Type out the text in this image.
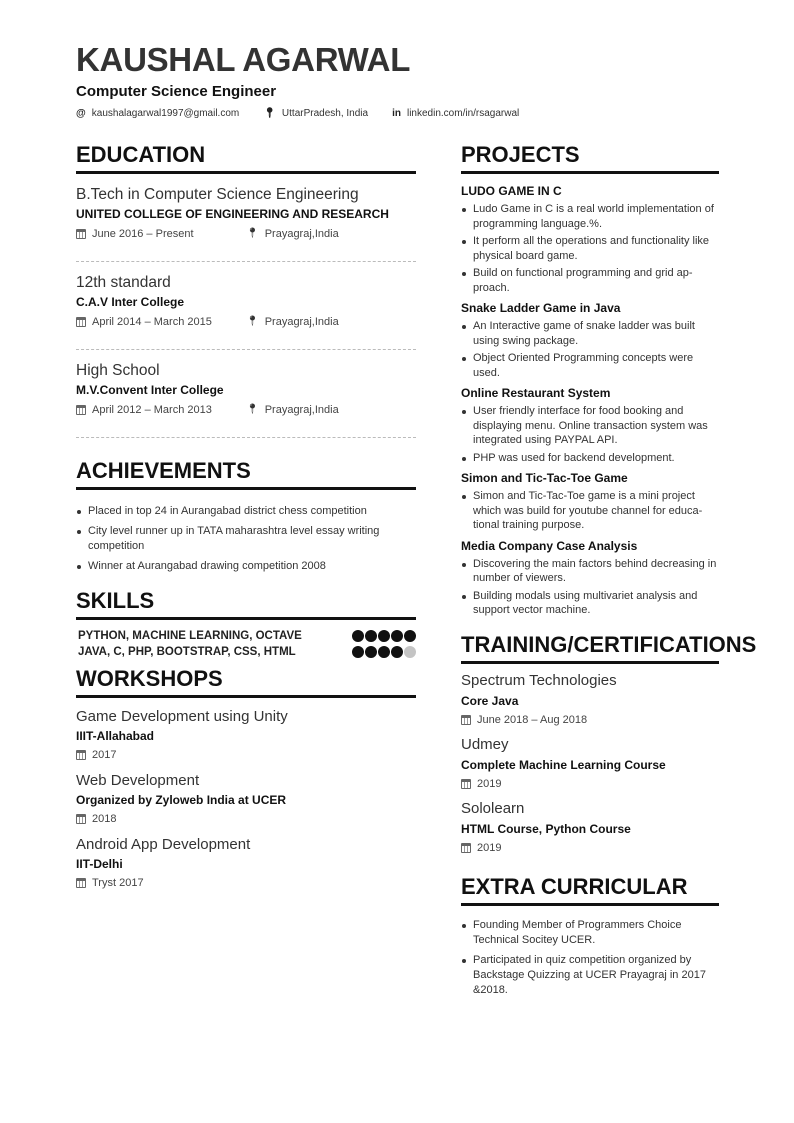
KAUSHAL AGARWAL
Computer Science Engineer
@ kaushalagarwal1997@gmail.com 📍︎ UttarPradesh, India in linkedin.com/in/rsagarwal
EDUCATION
B.Tech in Computer Science Engineering
UNITED COLLEGE OF ENGINEERING AND RESEARCH
June 2016 – Present	📍︎ Prayagraj,India
12th standard
C.A.V Inter College
April 2014 – March 2015	📍︎ Prayagraj,India
High School
M.V.Convent Inter College
April 2012 – March 2013	📍︎ Prayagraj,India
ACHIEVEMENTS
Placed in top 24 in Aurangabad district chess competition
City level runner up in TATA maharashtra level essay writing competition
Winner at Aurangabad drawing competition 2008
SKILLS
PYTHON, MACHINE LEARNING, OCTAVE
JAVA, C, PHP, BOOTSTRAP, CSS, HTML
WORKSHOPS
Game Development using Unity
IIIT-Allahabad
2017
Web Development
Organized by Zyloweb India at UCER
2018
Android App Development
IIT-Delhi
Tryst 2017
PROJECTS
LUDO GAME IN C
Ludo Game in C is a real world implementation of programming language.%.
It perform all the operations and functionality like physical board game.
Build on functional programming and grid approach.
Snake Ladder Game in Java
An Interactive game of snake ladder was built using swing package.
Object Oriented Programming concepts were used.
Online Restaurant System
User friendly interface for food booking and displaying menu. Online transaction system was integrated using PAYPAL API.
PHP was used for backend development.
Simon and Tic-Tac-Toe Game
Simon and Tic-Tac-Toe game is a mini project which was build for youtube channel for educational training purpose.
Media Company Case Analysis
Discovering the main factors behind decreasing in number of viewers.
Building modals using multivariet analysis and support vector machine.
TRAINING/CERTIFICATIONS
Spectrum Technologies
Core Java
June 2018 – Aug 2018
Udmey
Complete Machine Learning Course
2019
Sololearn
HTML Course, Python Course
2019
EXTRA CURRICULAR
Founding Member of Programmers Choice Technical Socitey UCER.
Participated in quiz competition organized by Backstage Quizzing at UCER Prayagraj in 2017 &2018.
